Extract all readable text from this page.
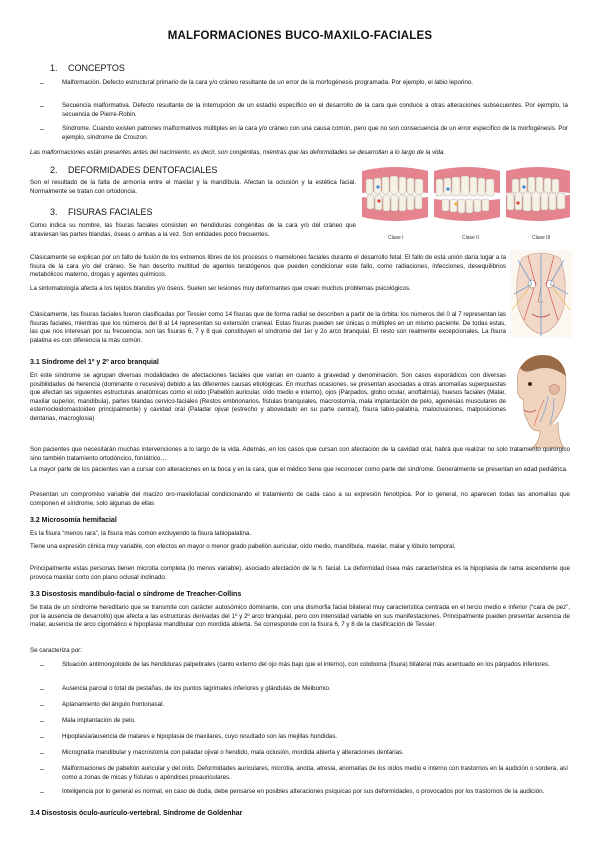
MALFORMACIONES BUCO-MAXILO-FACIALES
1. CONCEPTOS
–	Malformación. Defecto estructural primario de la cara y/o cráneo resultante de un error de la morfogénesis programada. Por ejemplo, el labio leporino.

–	Secuencia malformativa. Defecto resultante de la interrupción de un estadío específico en el desarrollo de la cara que conduce a otras alteraciones subsecuentes. Por ejemplo, la secuencia de Pierre-Robin.

–	Síndrome. Cuando existen patrones malformativos múltiples en la cara y/o cráneo con una causa común, pero que no son consecuencia de un error específico de la morfogénesis. Por ejemplo, síndrome de Crouzon.

Las malformaciones están presentes antes del nacimiento, es decir, son congénitas, mientras que las deformidades se desarrollan a lo largo de la vida.

2. DEFORMIDADES DENTOFACIALES

Son el resultado de la falta de armonía entre el maxilar y la mandíbula. Afectan la oclusión y la estética facial. Normalmente se tratan con ortodoncia.

Clase I	Clase II	Clase III
3. FISURAS FACIALES

Como indica su nombre, las fisuras faciales consisten en hendiduras congénitas de la cara y/o del cráneo que atraviesan las partes blandas, óseas o ambas a la vez. Son entidades poco frecuentes.

Clásicamente se explican por un fallo de fusión de los extremos libres de los procesos o mamelones faciales durante el desarrollo fetal. El fallo de esta unión daría lugar a la fisura de la cara y/o del cráneo. Se han descrito multitud de agentes teratógenos que pueden condicionar este fallo, como radiaciones, infecciones, desequilibrios metabólicos materno, drogas y agentes químicos.

La sintomatología afecta a los tejidos blandos y/o óseos. Suelen ser lesiones muy deformantes que crean muchos problemas psicológicos.

Clásicamente, las fisuras faciales fueron clasificadas por Tessier como 14 fisuras que de forma radial se describen a partir de la órbita: los números del 0 al 7 representan las fisuras faciales, mientras que los números del 8 al 14 representan su extensión craneal. Estas fisuras pueden ser únicas o múltiples en un mismo paciente. De todas estas, las que nos interesan por su frecuencia, son las fisuras 6, 7 y 8 que constituyen el síndrome del 1er y 2o arco branquial. El resto son realmente excepcionales. La fisura palatina es con diferencia la más común.

3.1 Síndrome del 1º y 2º arco branquial

En este síndrome se agrupan diversas modalidades de afectaciones faciales que varían en cuanto a gravedad y denominación. Son casos esporádicos con diversas posibilidades de herencia (dominante o recesiva) debido a las diferentes causas etiológicas. En muchas ocasiones, se presentan asociadas a otras anomalías superpuestas que afectan las siguientes estructuras anatómicas como el oído (Pabellón auricular, oído medio e interno), ojos (Párpados, globo ocular, anoftalmía), huesos faciales (Malar, maxilar superior, mandíbula), partes blandas cervico-faciales (Restos embrionarios, fístulas branquiales, macrostomía, mala implantación de pelo, agenesias musculares de esternocleidomastoideo principalmente) y cavidad oral (Paladar ojival (estrecho y abovedado en su parte central), fisura labio-palatina, maloclusiones, malposiciones dentarias, macroglosia)

Son pacientes que necesitarán muchas intervenciones a lo largo de la vida. Además, en los casos que cursan con afectación de la cavidad oral, habrá que realizar no solo tratamiento quirúrgico sino también tratamiento ortodóncico, fonIátrico…

La mayor parte de los pacientes van a cursar con alteraciones en la boca y en la cara, que el médico tiene que reconocer como parte del síndrome. Generalmente se presentan en edad pediátrica.

Presentan un compromiso variable del macizo oro-maxilofacial condicionando el tratamiento de cada caso a su expresión fenotípica. Por lo general, no aparecen todas las anomalías que componen el síndrome, solo algunas de ellas

3.2 Microsomía hemifacial

Es la fisura “menos rara”, la fisura más común excluyendo la fisura labiopalatina.

Tiene una expresión clínica muy variable, con efectos en mayor o menor grado pabellón auricular, oído medio, mandíbula, maxilar, malar y lóbulo temporal.

Principalmente estas personas tienen microtia completa (lo menos variable), asociado afectación de la h. facial. La deformidad ósea más característica es la hipoplasia de rama ascendente que provoca maxilar corto con plano oclusal inclinado.

3.3 Disostosis mandíbulo-facial o síndrome de Treacher-Collins

Se trata de un síndrome hereditario que se transmite con carácter autosómico dominante, con una dismorfia facial bilateral muy característica centrada en el tercio medio e inferior (“cara de pez”, por la ausencia de desarrollo) que afecta a las estructuras derivadas del 1º y 2º arco branquial, pero con intensidad variable en sus manifestaciones. Principalmente pueden presentar ausencia de malar, ausencia de arco cigomático e hipoplasia mandibular con mordida abierta. Se corresponde con la fisura 6, 7 y 8 de la clasificación de Tessier.

Se caracteriza por:

–	Situación antimongoloide de las hendiduras palpebrales (canto externo del ojo más bajo que el interno), con coloboma (fisura) bilateral más acentuado en los párpados inferiores.
–	Ausencia parcial o total de pestañas, de los puntos lagrimales inferiores y glándulas de Meibomio.
–	Aplanamiento del ángulo frontonasal.
–	Mala implantación de pelo.
–	Hipoplasia/ausencia de malares e hipoplasia de maxilares, cuyo resultado son las mejillas hundidas.
–	Micrognatia mandibular y macrostomía con paladar ojival o hendido, mala oclusión, mordida abierta y alteraciones dentarias.
–	Malformaciones de pabellón auricular y del oído. Deformidades auriculares, microtia, anotia, atresia, anomalías de los oídos medio e interno con trastornos en la audición o sordera, así como a zonas de micas y fístulas o apéndices preauriculares.
–	Inteligencia por lo general es normal, en caso de duda, debe pensarse en posibles alteraciones psíquicas por sus deformidades, o provocados por los trastornos de la audición.
3.4 Disostosis óculo-aurículo-vertebral. Síndrome de Goldenhar
